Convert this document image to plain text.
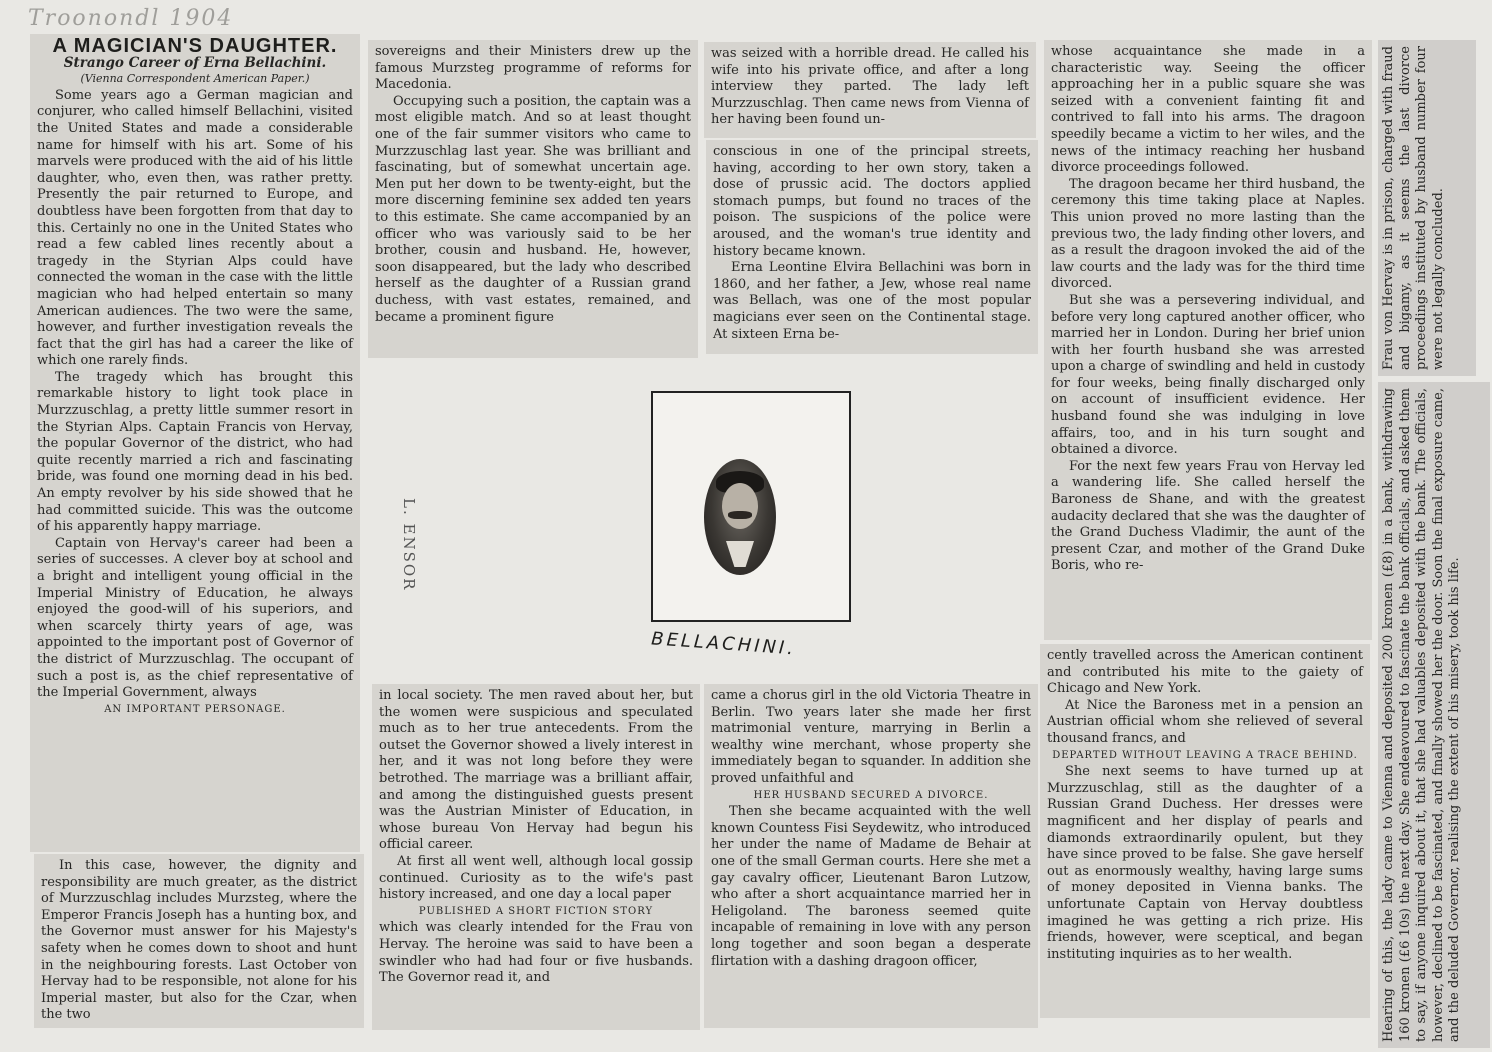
Troonondl 1904

A MAGICIAN'S DAUGHTER.

Strango Career of Erna Bellachini.

(Vienna Correspondent American Paper.)

Some years ago a German magician and conjurer, who called himself Bellachini, visited the United States and made a considerable name for himself with his art. Some of his marvels were produced with the aid of his little daughter, who, even then, was rather pretty. Presently the pair returned to Europe, and doubtless have been forgotten from that day to this. Certainly no one in the United States who read a few cabled lines recently about a tragedy in the Styrian Alps could have connected the woman in the case with the little magician who had helped entertain so many American audiences. The two were the same, however, and further investigation reveals the fact that the girl has had a career the like of which one rarely finds.

The tragedy which has brought this remarkable history to light took place in Murzzuschlag, a pretty little summer resort in the Styrian Alps. Captain Francis von Hervay, the popular Governor of the district, who had quite recently married a rich and fascinating bride, was found one morning dead in his bed. An empty revolver by his side showed that he had committed suicide. This was the outcome of his apparently happy marriage.

Captain von Hervay's career had been a series of successes. A clever boy at school and a bright and intelligent young official in the Imperial Ministry of Education, he always enjoyed the good-will of his superiors, and when scarcely thirty years of age, was appointed to the important post of Governor of the district of Murzzuschlag. The occupant of such a post is, as the chief representative of the Imperial Government, always

AN IMPORTANT PERSONAGE.

In this case, however, the dignity and responsibility are much greater, as the district of Murzzuschlag includes Murzsteg, where the Emperor Francis Joseph has a hunting box, and the Governor must answer for his Majesty's safety when he comes down to shoot and hunt in the neighbouring forests. Last October von Hervay had to be responsible, not alone for his Imperial master, but also for the Czar, when the two

sovereigns and their Ministers drew up the famous Murzsteg programme of reforms for Macedonia.

Occupying such a position, the captain was a most eligible match. And so at least thought one of the fair summer visitors who came to Murzzuschlag last year. She was brilliant and fascinating, but of somewhat uncertain age. Men put her down to be twenty-eight, but the more discerning feminine sex added ten years to this estimate. She came accompanied by an officer who was variously said to be her brother, cousin and husband. He, however, soon disappeared, but the lady who described herself as the daughter of a Russian grand duchess, with vast estates, remained, and became a prominent figure

in local society. The men raved about her, but the women were suspicious and speculated much as to her true antecedents. From the outset the Governor showed a lively interest in her, and it was not long before they were betrothed. The marriage was a brilliant affair, and among the distinguished guests present was the Austrian Minister of Education, in whose bureau Von Hervay had begun his official career.

At first all went well, although local gossip continued. Curiosity as to the wife's past history increased, and one day a local paper

PUBLISHED A SHORT FICTION STORY

which was clearly intended for the Frau von Hervay. The heroine was said to have been a swindler who had had four or five husbands. The Governor read it, and

was seized with a horrible dread. He called his wife into his private office, and after a long interview they parted. The lady left Murzzuschlag. Then came news from Vienna of her having been found un-

conscious in one of the principal streets, having, according to her own story, taken a dose of prussic acid. The doctors applied stomach pumps, but found no traces of the poison. The suspicions of the police were aroused, and the woman's true identity and history became known.

Erna Leontine Elvira Bellachini was born in 1860, and her father, a Jew, whose real name was Bellach, was one of the most popular magicians ever seen on the Continental stage. At sixteen Erna be-

came a chorus girl in the old Victoria Theatre in Berlin. Two years later she made her first matrimonial venture, marrying in Berlin a wealthy wine merchant, whose property she immediately began to squander. In addition she proved unfaithful and

HER HUSBAND SECURED A DIVORCE.

Then she became acquainted with the well known Countess Fisi Seydewitz, who introduced her under the name of Madame de Behair at one of the small German courts. Here she met a gay cavalry officer, Lieutenant Baron Lutzow, who after a short acquaintance married her in Heligoland. The baroness seemed quite incapable of remaining in love with any person long together and soon began a desperate flirtation with a dashing dragoon officer,

whose acquaintance she made in a characteristic way. Seeing the officer approaching her in a public square she was seized with a convenient fainting fit and contrived to fall into his arms. The dragoon speedily became a victim to her wiles, and the news of the intimacy reaching her husband divorce proceedings followed.

The dragoon became her third husband, the ceremony this time taking place at Naples. This union proved no more lasting than the previous two, the lady finding other lovers, and as a result the dragoon invoked the aid of the law courts and the lady was for the third time divorced.

But she was a persevering individual, and before very long captured another officer, who married her in London. During her brief union with her fourth husband she was arrested upon a charge of swindling and held in custody for four weeks, being finally discharged only on account of insufficient evidence. Her husband found she was indulging in love affairs, too, and in his turn sought and obtained a divorce.

For the next few years Frau von Hervay led a wandering life. She called herself the Baroness de Shane, and with the greatest audacity declared that she was the daughter of the Grand Duchess Vladimir, the aunt of the present Czar, and mother of the Grand Duke Boris, who re-

cently travelled across the American continent and contributed his mite to the gaiety of Chicago and New York.

At Nice the Baroness met in a pension an Austrian official whom she relieved of several thousand francs, and

DEPARTED WITHOUT LEAVING A TRACE BEHIND.

She next seems to have turned up at Murzzuschlag, still as the daughter of a Russian Grand Duchess. Her dresses were magnificent and her display of pearls and diamonds extraordinarily opulent, but they have since proved to be false. She gave herself out as enormously wealthy, having large sums of money deposited in Vienna banks. The unfortunate Captain von Hervay doubtless imagined he was getting a rich prize. His friends, however, were sceptical, and began instituting inquiries as to her wealth.

Frau von Hervay is in prison, charged with fraud and bigamy, as it seems the last divorce proceedings instituted by husband number four were not legally concluded.
Hearing of this, the lady came to Vienna and deposited 200 kronen (£8) in a bank, withdrawing 160 kronen (£6 10s) the next day. She endeavoured to fascinate the bank officials, and asked them to say, if anyone inquired about it, that she had valuables deposited with the bank. The officials, however, declined to be fascinated, and finally showed her the door. Soon the final exposure came, and the deluded Governor, realising the extent of his misery, took his life.
L. ENSOR
BELLACHINI.
